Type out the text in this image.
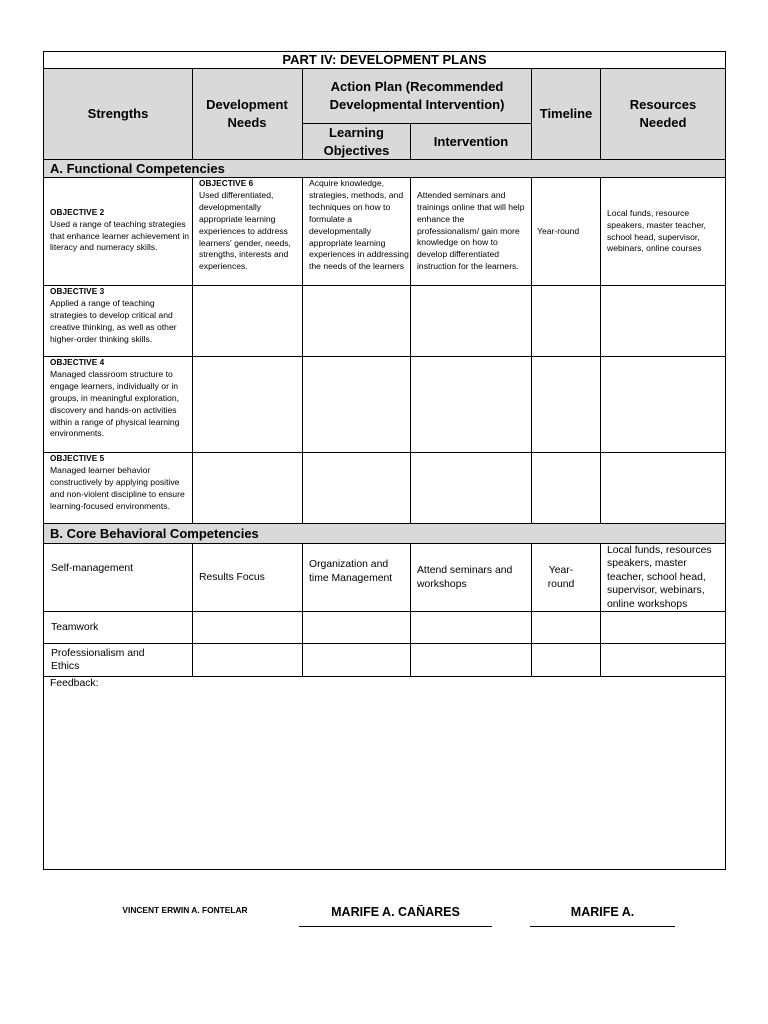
PART IV: DEVELOPMENT PLANS
Strengths
Development Needs
Action Plan (Recommended Developmental Intervention)
Learning Objectives
Intervention
Timeline
Resources Needed
A. Functional Competencies
OBJECTIVE 2
Used a range of teaching strategies that enhance learner achievement in literacy and numeracy skills.
OBJECTIVE 6
Used differentiated, developmentally appropriate learning experiences to address learners' gender, needs, strengths, interests and experiences.
Acquire knowledge, strategies, methods, and techniques on how to formulate a developmentally appropriate learning experiences in addressing the needs of the learners
Attended seminars and trainings online that will help enhance the professionalism/ gain more knowledge on how to develop differentiated instruction for the learners.
Year-round
Local funds, resource speakers, master teacher, school head, supervisor, webinars, online courses
OBJECTIVE 3
Applied a range of teaching strategies to develop critical and creative thinking, as well as other higher-order thinking skills.
OBJECTIVE 4
Managed classroom structure to engage learners, individually or in groups, in meaningful exploration, discovery and hands-on activities within a range of physical learning environments.
OBJECTIVE 5
Managed learner behavior constructively by applying positive and non-violent discipline to ensure learning-focused environments.
B. Core Behavioral Competencies
Self-management
Results Focus
Organization and time Management
Attend seminars and workshops
Year-round
Local funds, resources speakers, master teacher, school head, supervisor, webinars, online workshops
Teamwork
Professionalism and Ethics
Feedback:
VINCENT ERWIN A. FONTELAR	MARIFE A. CAÑARES	MARIFE A.
